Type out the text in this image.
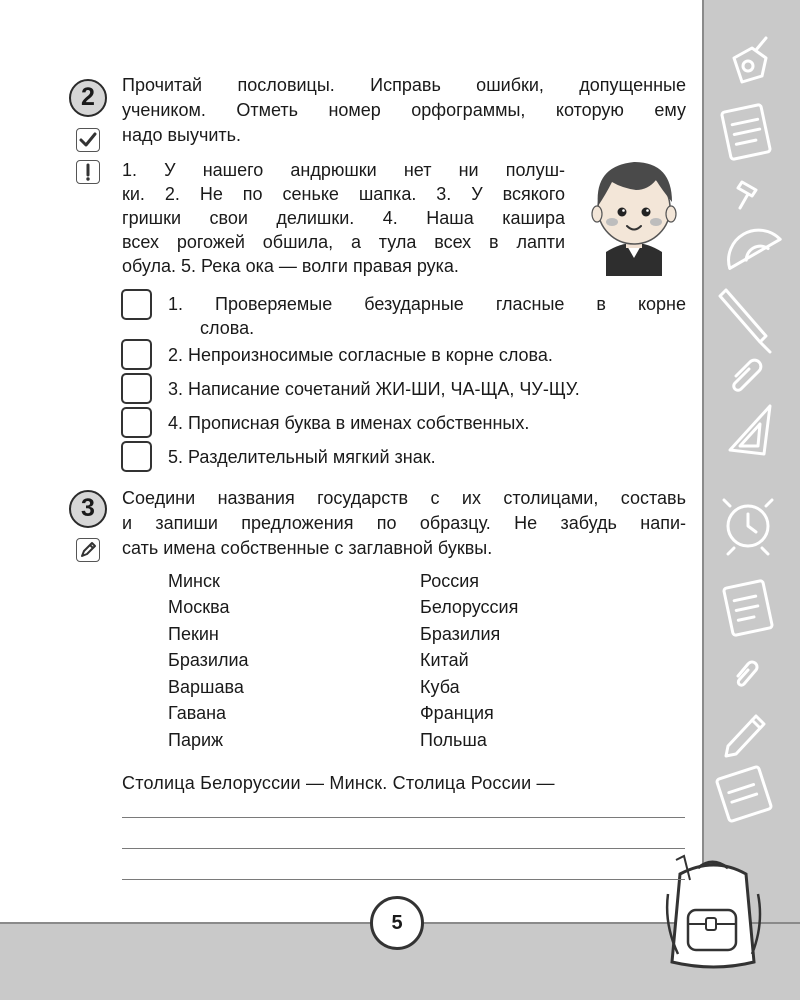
2	Прочитай пословицы. Исправь ошибки, допущенные
учеником. Отметь номер орфограммы, которую ему
надо выучить.
1. У нашего андрюшки нет ни полуш-
ки. 2. Не по сеньке шапка. 3. У всякого
гришки свои делишки. 4. Наша кашира
всех рогожей обшила, а тула всех в лапти
обула. 5. Река ока — волги правая рука.
1. Проверяемые безударные гласные в корне
слова.
2. Непроизносимые согласные в корне слова.
3. Написание сочетаний ЖИ-ШИ, ЧА-ЩА, ЧУ-ЩУ.
4. Прописная буква в именах собственных.
5. Разделительный мягкий знак.
3	Соедини названия государств с их столицами, составь
и запиши предложения по образцу. Не забудь напи-
сать имена собственные с заглавной буквы.
Минск
Москва
Пекин
Бразилиа
Варшава
Гавана
Париж
Россия
Белоруссия
Бразилия
Китай
Куба
Франция
Польша
Столица Белоруссии — Минск. Столица России —
5
